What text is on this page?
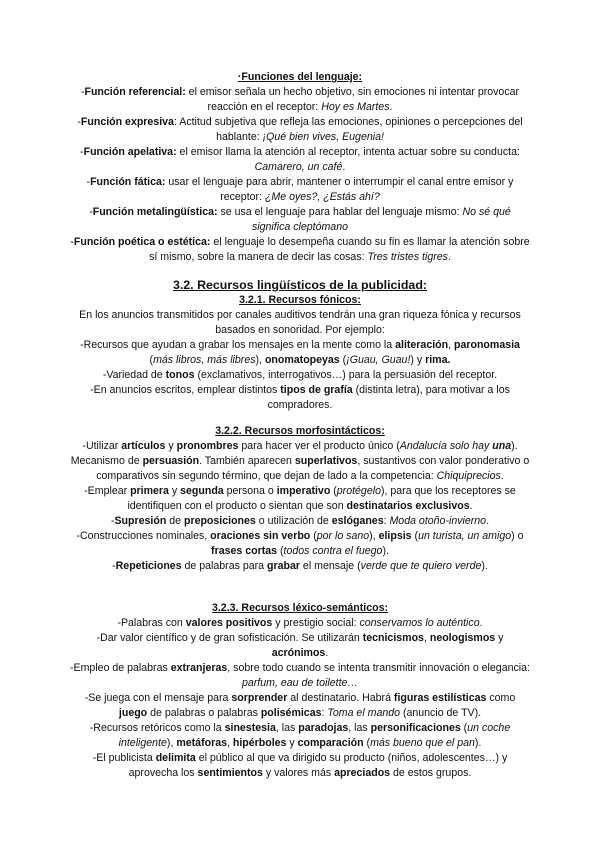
·Funciones del lenguaje:

-Función referencial: el emisor señala un hecho objetivo, sin emociones ni intentar provocar reacción en el receptor: Hoy es Martes.

-Función expresiva: Actitud subjetiva que refleja las emociones, opiniones o percepciones del hablante: ¡Qué bien vives, Eugenia!

-Función apelativa: el emisor llama la atención al receptor, intenta actuar sobre su conducta: Camarero, un café.

-Función fática: usar el lenguaje para abrir, mantener o interrumpir el canal entre emisor y receptor: ¿Me oyes?, ¿Estás ahí?

-Función metalingüística: se usa el lenguaje para hablar del lenguaje mismo: No sé qué significa cleptómano

-Función poética o estética: el lenguaje lo desempeña cuando su fin es llamar la atención sobre sí mismo, sobre la manera de decir las cosas: Tres tristes tigres.

3.2. Recursos lingüísticos de la publicidad:

3.2.1. Recursos fónicos:

En los anuncios transmitidos por canales auditivos tendrán una gran riqueza fónica y recursos basados en sonoridad. Por ejemplo:

-Recursos que ayudan a grabar los mensajes en la mente como la aliteración, paronomasia (más libros, más libres), onomatopeyas (¡Guau, Guau!) y rima.

-Variedad de tonos (exclamativos, interrogativos…) para la persuasión del receptor.

-En anuncios escritos, emplear distintos tipos de grafía (distinta letra), para motivar a los compradores.

3.2.2. Recursos morfosintácticos:

-Utilizar artículos y pronombres para hacer ver el producto único (Andalucía solo hay una). Mecanismo de persuasión. También aparecen superlativos, sustantivos con valor ponderativo o comparativos sin segundo término, que dejan de lado a la competencia: Chiquiprecios.

-Emplear primera y segunda persona o imperativo (protégelo), para que los receptores se identifiquen con el producto o sientan que son destinatarios exclusivos.

-Supresión de preposiciones o utilización de eslóganes: Moda otoño-invierno.

-Construcciones nominales, oraciones sin verbo (por lo sano), elipsis (un turista, un amigo) o frases cortas (todos contra el fuego).

-Repeticiones de palabras para grabar el mensaje (verde que te quiero verde).

3.2.3. Recursos léxico-semánticos:

-Palabras con valores positivos y prestigio social: conservamos lo auténtico.

-Dar valor científico y de gran sofisticación. Se utilizarán tecnicismos, neologismos y acrónimos.

-Empleo de palabras extranjeras, sobre todo cuando se intenta transmitir innovación o elegancia: parfum, eau de toilette…

-Se juega con el mensaje para sorprender al destinatario. Habrá figuras estilísticas como juego de palabras o palabras polisémicas: Toma el mando (anuncio de TV).

-Recursos retóricos como la sinestesia, las paradojas, las personificaciones (un coche inteligente), metáforas, hipérboles y comparación (más bueno que el pan).

-El publicista delimita el público al que va dirigido su producto (niños, adolescentes…) y aprovecha los sentimientos y valores más apreciados de estos grupos.
